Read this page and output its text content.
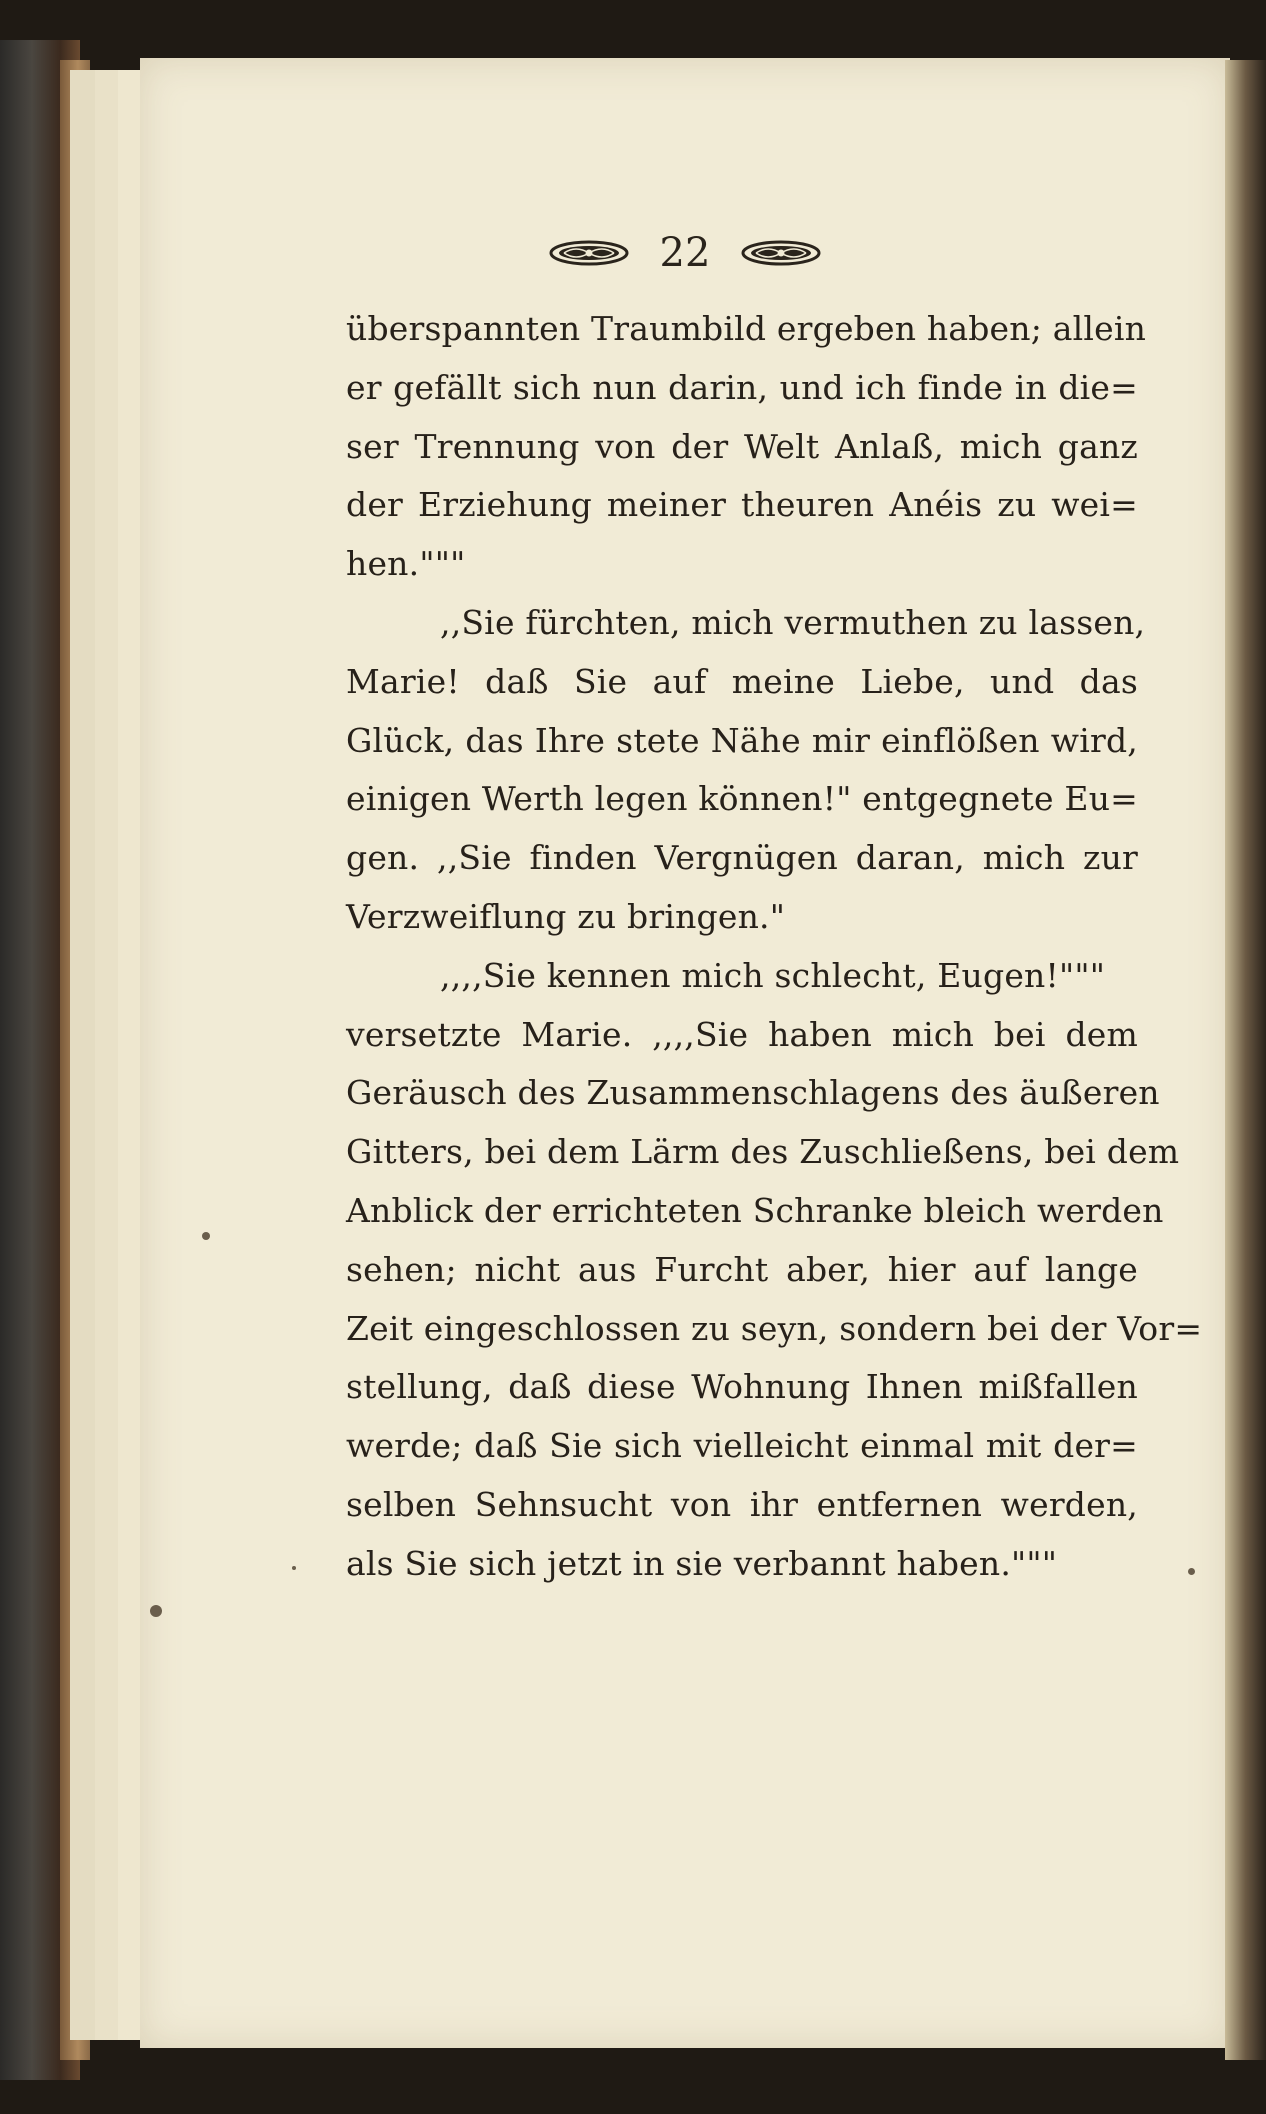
22
überspannten Traumbild ergeben haben; allein
er gefällt sich nun darin, und ich finde in die=
ser Trennung von der Welt Anlaß, mich ganz
der Erziehung meiner theuren Anéis zu wei=
hen."""
,,Sie fürchten, mich vermuthen zu lassen,
Marie! daß Sie auf meine Liebe, und das
Glück, das Ihre stete Nähe mir einflößen wird,
einigen Werth legen können!" entgegnete Eu=
gen. ,,Sie finden Vergnügen daran, mich zur
Verzweiflung zu bringen."
,,,,Sie kennen mich schlecht, Eugen!"""
versetzte Marie. ,,,,Sie haben mich bei dem
Geräusch des Zusammenschlagens des äußeren
Gitters, bei dem Lärm des Zuschließens, bei dem
Anblick der errichteten Schranke bleich werden
sehen; nicht aus Furcht aber, hier auf lange
Zeit eingeschlossen zu seyn, sondern bei der Vor=
stellung, daß diese Wohnung Ihnen mißfallen
werde; daß Sie sich vielleicht einmal mit der=
selben Sehnsucht von ihr entfernen werden,
als Sie sich jetzt in sie verbannt haben."""
